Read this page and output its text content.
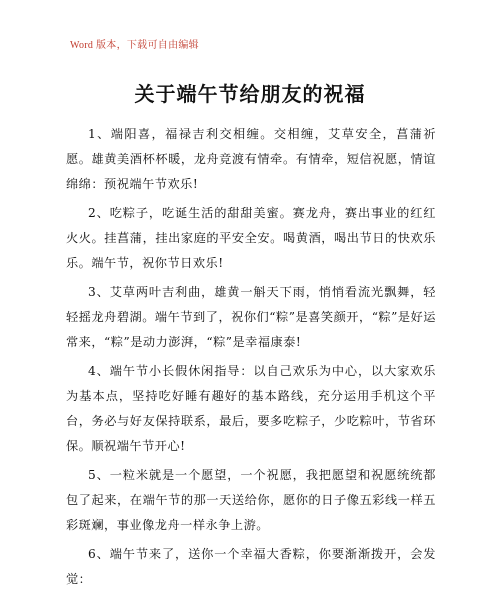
Word 版本，下载可自由编辑
关于端午节给朋友的祝福

1、端阳喜，福禄吉利交相缠。交相缠，艾草安全，菖蒲祈愿。雄黄美酒杯杯暖，龙舟竞渡有情牵。有情牵，短信祝愿，情谊绵绵：预祝端午节欢乐!

2、吃粽子，吃诞生活的甜甜美蜜。赛龙舟，赛出事业的红红火火。挂菖蒲，挂出家庭的平安全安。喝黄酒，喝出节日的快欢乐乐。端午节，祝你节日欢乐!

3、艾草两叶吉利曲，雄黄一斛天下雨，悄悄看流光飘舞，轻轻摇龙舟碧湖。端午节到了，祝你们“粽”是喜笑颜开，“粽”是好运常来，“粽”是动力澎湃，“粽”是幸福康泰!

4、端午节小长假休闲指导：以自己欢乐为中心，以大家欢乐为基本点，坚持吃好睡有趣好的基本路线，充分运用手机这个平台，务必与好友保持联系，最后，要多吃粽子，少吃粽叶，节省环保。顺祝端午节开心!

5、一粒米就是一个愿望，一个祝愿，我把愿望和祝愿统统都包了起来，在端午节的那一天送给你，愿你的日子像五彩线一样五彩斑斓，事业像龙舟一样永争上游。

6、端午节来了，送你一个幸福大香粽，你要渐渐拨开，会发觉：
